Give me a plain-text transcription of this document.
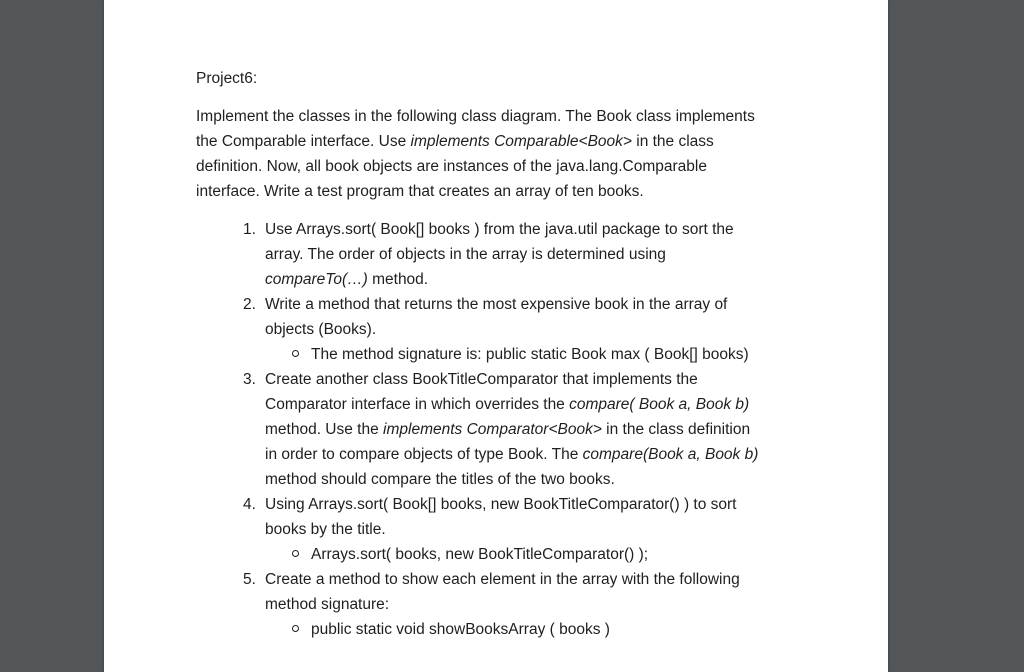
Project6:
Implement the classes in the following class diagram. The Book class implements
the Comparable interface. Use implements Comparable<Book> in the class
definition. Now, all book objects are instances of the java.lang.Comparable
interface. Write a test program that creates an array of ten books.
1. Use Arrays.sort( Book[] books ) from the java.util package to sort the
array. The order of objects in the array is determined using
compareTo(…) method.
2. Write a method that returns the most expensive book in the array of
objects (Books).
The method signature is: public static Book max ( Book[] books)
3. Create another class BookTitleComparator that implements the
Comparator interface in which overrides the compare( Book a, Book b)
method. Use the implements Comparator<Book> in the class definition
in order to compare objects of type Book. The compare(Book a, Book b)
method should compare the titles of the two books.
4. Using Arrays.sort( Book[] books, new BookTitleComparator() ) to sort
books by the title.
Arrays.sort( books, new BookTitleComparator() );
5. Create a method to show each element in the array with the following
method signature:
public static void showBooksArray ( books )
